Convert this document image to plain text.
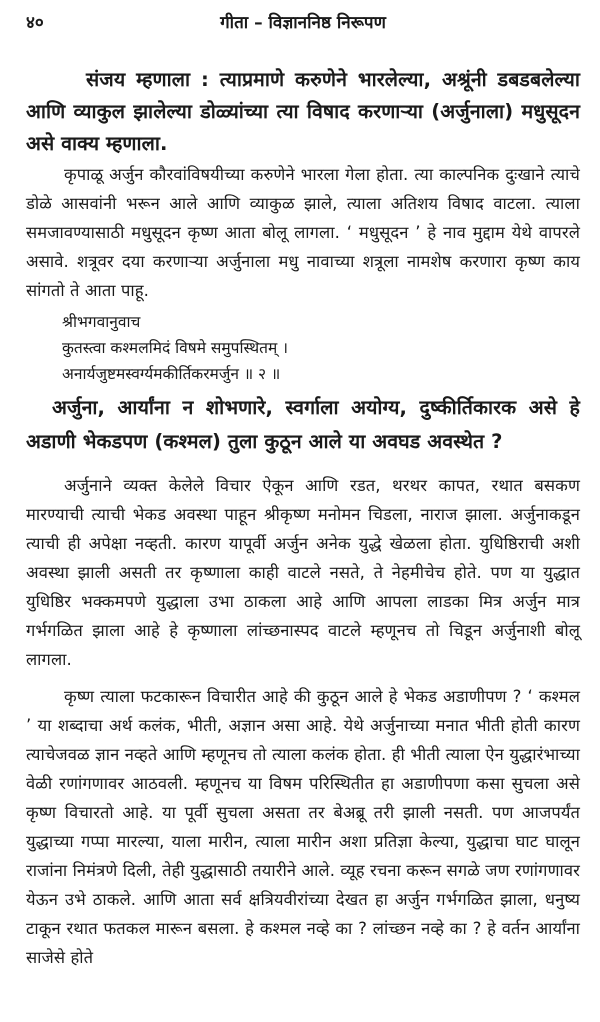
४०	गीता – विज्ञाननिष्ठ निरूपण

संजय म्हणाला : त्याप्रमाणे करुणेने भारलेल्या, अश्रूंनी डबडबलेल्या आणि व्याकुल झालेल्या डोळ्यांच्या त्या विषाद करणाऱ्या (अर्जुनाला) मधुसूदन असे वाक्य म्हणाला.

कृपाळू अर्जुन कौरवांविषयीच्या करुणेने भारला गेला होता. त्या काल्पनिक दुःखाने त्याचे डोळे आसवांनी भरून आले आणि व्याकुळ झाले, त्याला अतिशय विषाद वाटला. त्याला समजावण्यासाठी मधुसूदन कृष्ण आता बोलू लागला. ‘ मधुसूदन ’ हे नाव मुद्दाम येथे वापरले असावे. शत्रूवर दया करणाऱ्या अर्जुनाला मधु नावाच्या शत्रूला नामशेष करणारा कृष्ण काय सांगतो ते आता पाहू.

श्रीभगवानुवाच
कुतस्त्वा कश्मलमिदं विषमे समुपस्थितम् ।
अनार्यजुष्टमस्वर्ग्यमकीर्तिकरमर्जुन ॥ २ ॥

अर्जुना, आर्यांना न शोभणारे, स्वर्गाला अयोग्य, दुष्कीर्तिकारक असे हे अडाणी भेकडपण (कश्मल) तुला कुठून आले या अवघड अवस्थेत ?

अर्जुनाने व्यक्त केलेले विचार ऐकून आणि रडत, थरथर कापत, रथात बसकण मारण्याची त्याची भेकड अवस्था पाहून श्रीकृष्ण मनोमन चिडला, नाराज झाला. अर्जुनाकडून त्याची ही अपेक्षा नव्हती. कारण यापूर्वी अर्जुन अनेक युद्धे खेळला होता. युधिष्ठिराची अशी अवस्था झाली असती तर कृष्णाला काही वाटले नसते, ते नेहमीचेच होते. पण या युद्धात युधिष्ठिर भक्कमपणे युद्धाला उभा ठाकला आहे आणि आपला लाडका मित्र अर्जुन मात्र गर्भगळित झाला आहे हे कृष्णाला लांच्छनास्पद वाटले म्हणूनच तो चिडून अर्जुनाशी बोलू लागला.

कृष्ण त्याला फटकारून विचारीत आहे की कुठून आले हे भेकड अडाणीपण ? ‘ कश्मल ’ या शब्दाचा अर्थ कलंक, भीती, अज्ञान असा आहे. येथे अर्जुनाच्या मनात भीती होती कारण त्याचेजवळ ज्ञान नव्हते आणि म्हणूनच तो त्याला कलंक होता. ही भीती त्याला ऐन युद्धारंभाच्या वेळी रणांगणावर आठवली. म्हणूनच या विषम परिस्थितीत हा अडाणीपणा कसा सुचला असे कृष्ण विचारतो आहे. या पूर्वी सुचला असता तर बेअब्रू तरी झाली नसती. पण आजपर्यंत युद्धाच्या गप्पा मारल्या, याला मारीन, त्याला मारीन अशा प्रतिज्ञा केल्या, युद्धाचा घाट घालून राजांना निमंत्रणे दिली, तेही युद्धासाठी तयारीने आले. व्यूह रचना करून सगळे जण रणांगणावर येऊन उभे ठाकले. आणि आता सर्व क्षत्रियवीरांच्या देखत हा अर्जुन गर्भगळित झाला, धनुष्य टाकून रथात फतकल मारून बसला. हे कश्मल नव्हे का ? लांच्छन नव्हे का ? हे वर्तन आर्यांना साजेसे होते
